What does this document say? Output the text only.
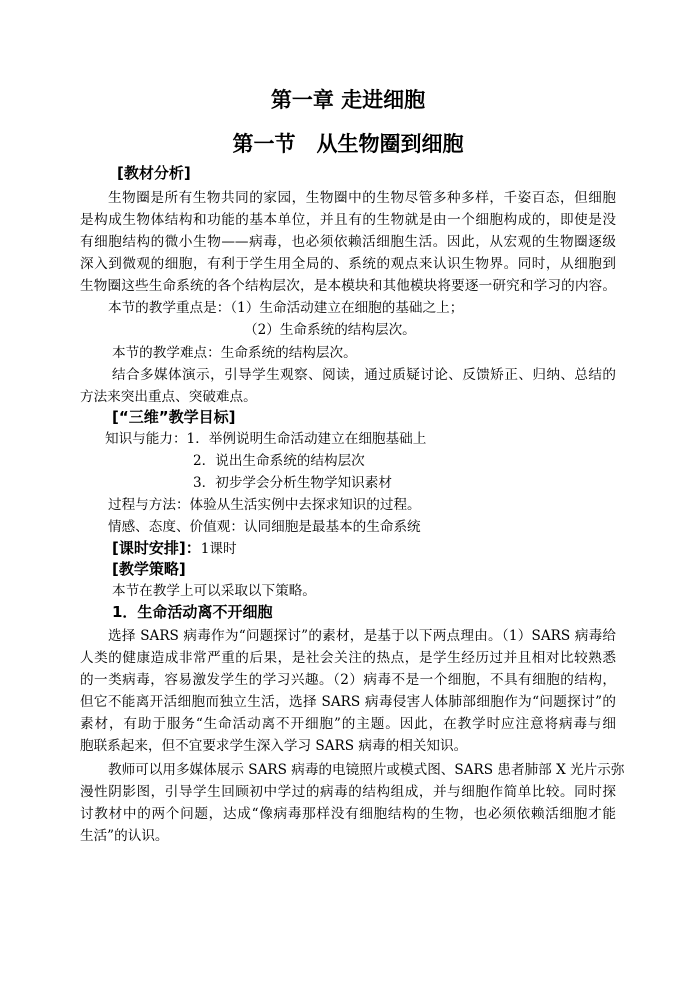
第一章 走进细胞
第一节　从生物圈到细胞
[教材分析]
生物圈是所有生物共同的家园，生物圈中的生物尽管多种多样，千姿百态，但细胞
是构成生物体结构和功能的基本单位，并且有的生物就是由一个细胞构成的，即使是没
有细胞结构的微小生物——病毒，也必须依赖活细胞生活。因此，从宏观的生物圈逐级
深入到微观的细胞，有利于学生用全局的、系统的观点来认识生物界。同时，从细胞到
生物圈这些生命系统的各个结构层次，是本模块和其他模块将要逐一研究和学习的内容。
本节的教学重点是：（1）生命活动建立在细胞的基础之上；
（2）生命系统的结构层次。
本节的教学难点：生命系统的结构层次。
结合多媒体演示，引导学生观察、阅读，通过质疑讨论、反馈矫正、归纳、总结的
方法来突出重点、突破难点。
[“三维”教学目标]
知识与能力：1．举例说明生命活动建立在细胞基础上
2．说出生命系统的结构层次
3．初步学会分析生物学知识素材
过程与方法：体验从生活实例中去探求知识的过程。
情感、态度、价值观：认同细胞是最基本的生命系统
[课时安排]：1课时
[教学策略]
本节在教学上可以采取以下策略。
1．生命活动离不开细胞
选择 SARS 病毒作为“问题探讨”的素材，是基于以下两点理由。（1）SARS 病毒给
人类的健康造成非常严重的后果，是社会关注的热点，是学生经历过并且相对比较熟悉
的一类病毒，容易激发学生的学习兴趣。（2）病毒不是一个细胞，不具有细胞的结构，
但它不能离开活细胞而独立生活，选择 SARS 病毒侵害人体肺部细胞作为“问题探讨”的
素材，有助于服务“生命活动离不开细胞”的主题。因此，在教学时应注意将病毒与细
胞联系起来，但不宜要求学生深入学习 SARS 病毒的相关知识。
教师可以用多媒体展示 SARS 病毒的电镜照片或模式图、SARS 患者肺部 X 光片示弥
漫性阴影图，引导学生回顾初中学过的病毒的结构组成，并与细胞作简单比较。同时探
讨教材中的两个问题，达成“像病毒那样没有细胞结构的生物，也必须依赖活细胞才能
生活”的认识。
